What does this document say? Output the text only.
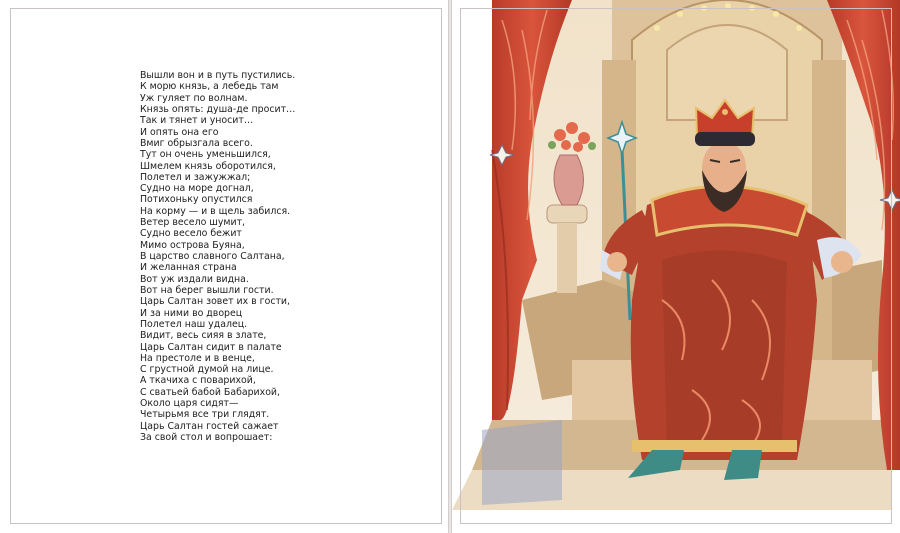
Вышли вон и в путь пустились.
К морю князь, а лебедь там
Уж гуляет по волнам.
Князь опять: душа-де просит…
Так и тянет и уносит…
И опять она его
Вмиг обрызгала всего.
Тут он очень уменьшился,
Шмелем князь оборотился,
Полетел и зажужжал;
Судно на море догнал,
Потихоньку опустился
На корму — и в щель забился.
Ветер весело шумит,
Судно весело бежит
Мимо острова Буяна,
В царство славного Салтана,
И желанная страна
Вот уж издали видна.
Вот на берег вышли гости.
Царь Салтан зовет их в гости,
И за ними во дворец
Полетел наш удалец.
Видит, весь сияя в злате,
Царь Салтан сидит в палате
На престоле и в венце,
С грустной думой на лице.
А ткачиха с поварихой,
С сватьей бабой Бабарихой,
Около царя сидят—
Четырьмя все три глядят.
Царь Салтан гостей сажает
За свой стол и вопрошает:
